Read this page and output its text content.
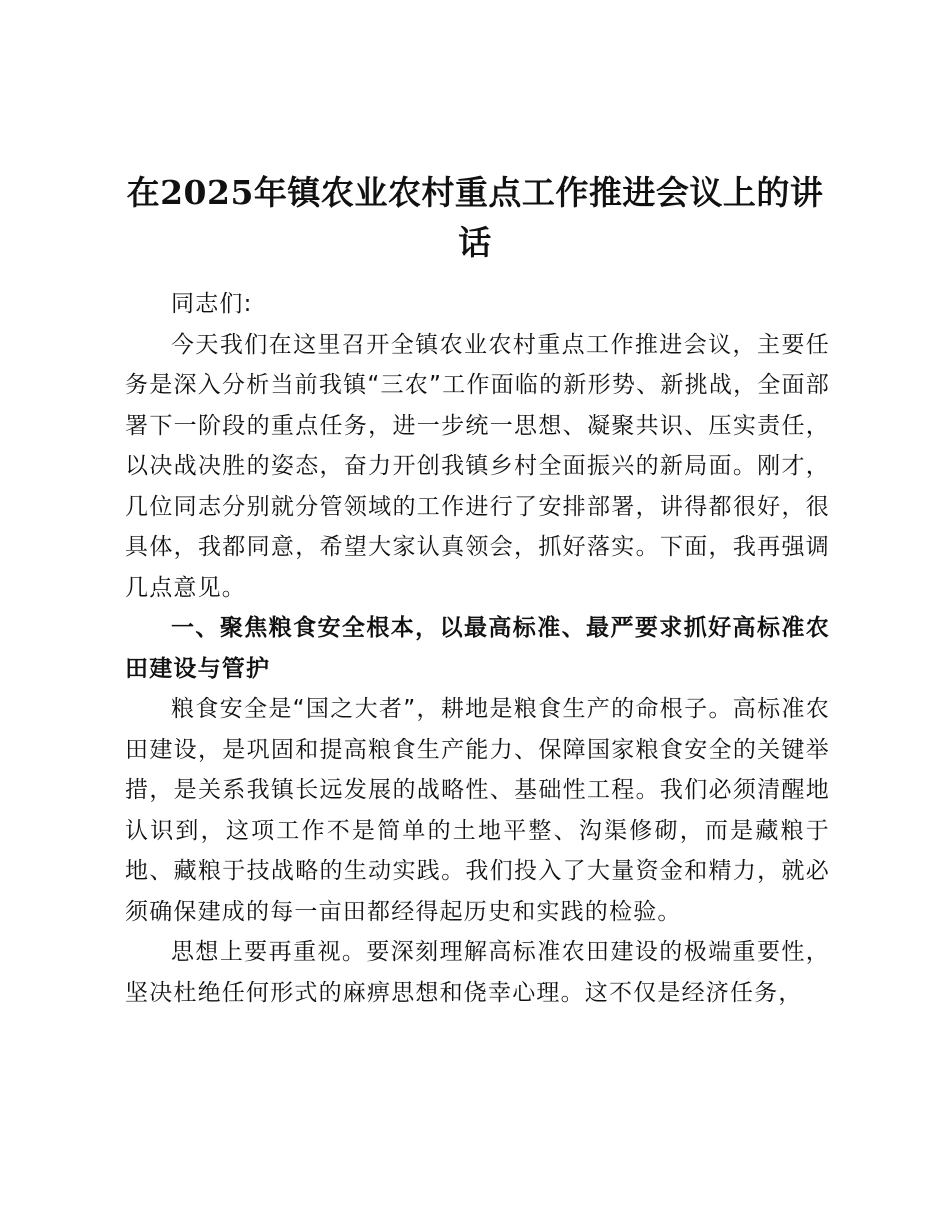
在2025年镇农业农村重点工作推进会议上的讲话

同志们:

今天我们在这里召开全镇农业农村重点工作推进会议，主要任务是深入分析当前我镇“三农”工作面临的新形势、新挑战，全面部署下一阶段的重点任务，进一步统一思想、凝聚共识、压实责任，以决战决胜的姿态，奋力开创我镇乡村全面振兴的新局面。刚才，几位同志分别就分管领域的工作进行了安排部署，讲得都很好，很具体，我都同意，希望大家认真领会，抓好落实。下面，我再强调几点意见。

一、聚焦粮食安全根本，以最高标准、最严要求抓好高标准农田建设与管护

粮食安全是“国之大者”，耕地是粮食生产的命根子。高标准农田建设，是巩固和提高粮食生产能力、保障国家粮食安全的关键举措，是关系我镇长远发展的战略性、基础性工程。我们必须清醒地认识到，这项工作不是简单的土地平整、沟渠修砌，而是藏粮于地、藏粮于技战略的生动实践。我们投入了大量资金和精力，就必须确保建成的每一亩田都经得起历史和实践的检验。

思想上要再重视。要深刻理解高标准农田建设的极端重要性，坚决杜绝任何形式的麻痹思想和侥幸心理。这不仅是经济任务，
